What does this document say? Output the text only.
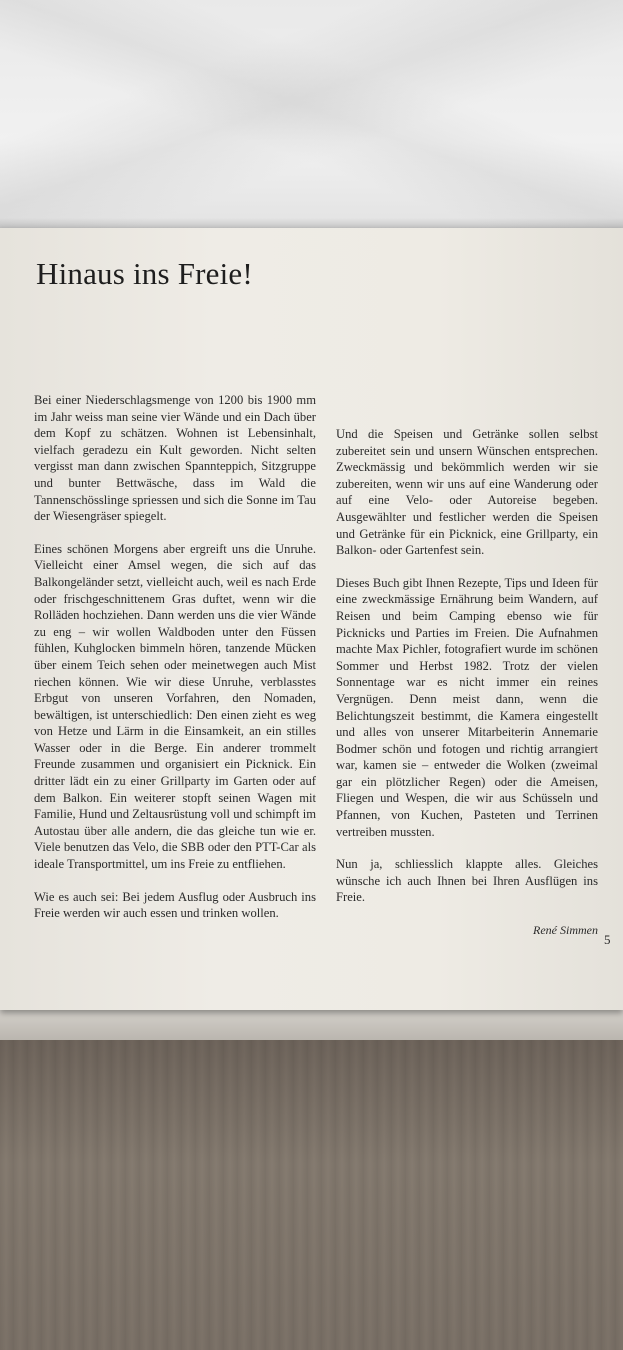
Hinaus ins Freie!

Bei einer Niederschlagsmenge von 1200 bis 1900 mm im Jahr weiss man seine vier Wände und ein Dach über dem Kopf zu schätzen. Wohnen ist Lebensinhalt, vielfach geradezu ein Kult geworden. Nicht selten vergisst man dann zwischen Spannteppich, Sitzgruppe und bunter Bettwäsche, dass im Wald die Tannenschösslinge spriessen und sich die Sonne im Tau der Wiesengräser spiegelt.

Eines schönen Morgens aber ergreift uns die Unruhe. Vielleicht einer Amsel wegen, die sich auf das Balkongeländer setzt, vielleicht auch, weil es nach Erde oder frischgeschnittenem Gras duftet, wenn wir die Rolläden hochziehen. Dann werden uns die vier Wände zu eng – wir wollen Waldboden unter den Füssen fühlen, Kuhglocken bimmeln hören, tanzende Mücken über einem Teich sehen oder meinetwegen auch Mist riechen können. Wie wir diese Unruhe, verblasstes Erbgut von unseren Vorfahren, den Nomaden, bewältigen, ist unterschiedlich: Den einen zieht es weg von Hetze und Lärm in die Einsamkeit, an ein stilles Wasser oder in die Berge. Ein anderer trommelt Freunde zusammen und organisiert ein Picknick. Ein dritter lädt ein zu einer Grillparty im Garten oder auf dem Balkon. Ein weiterer stopft seinen Wagen mit Familie, Hund und Zeltausrüstung voll und schimpft im Autostau über alle andern, die das gleiche tun wie er. Viele benutzen das Velo, die SBB oder den PTT-Car als ideale Transportmittel, um ins Freie zu entfliehen.

Wie es auch sei: Bei jedem Ausflug oder Ausbruch ins Freie werden wir auch essen und trinken wollen.

Und die Speisen und Getränke sollen selbst zubereitet sein und unsern Wünschen entsprechen. Zweckmässig und bekömmlich werden wir sie zubereiten, wenn wir uns auf eine Wanderung oder auf eine Velo- oder Autoreise begeben. Ausgewählter und festlicher werden die Speisen und Getränke für ein Picknick, eine Grillparty, ein Balkon- oder Gartenfest sein.

Dieses Buch gibt Ihnen Rezepte, Tips und Ideen für eine zweckmässige Ernährung beim Wandern, auf Reisen und beim Camping ebenso wie für Picknicks und Parties im Freien. Die Aufnahmen machte Max Pichler, fotografiert wurde im schönen Sommer und Herbst 1982. Trotz der vielen Sonnentage war es nicht immer ein reines Vergnügen. Denn meist dann, wenn die Belichtungszeit bestimmt, die Kamera eingestellt und alles von unserer Mitarbeiterin Annemarie Bodmer schön und fotogen und richtig arrangiert war, kamen sie – entweder die Wolken (zweimal gar ein plötzlicher Regen) oder die Ameisen, Fliegen und Wespen, die wir aus Schüsseln und Pfannen, von Kuchen, Pasteten und Terrinen vertreiben mussten.

Nun ja, schliesslich klappte alles. Gleiches wünsche ich auch Ihnen bei Ihren Ausflügen ins Freie.

René Simmen
5
